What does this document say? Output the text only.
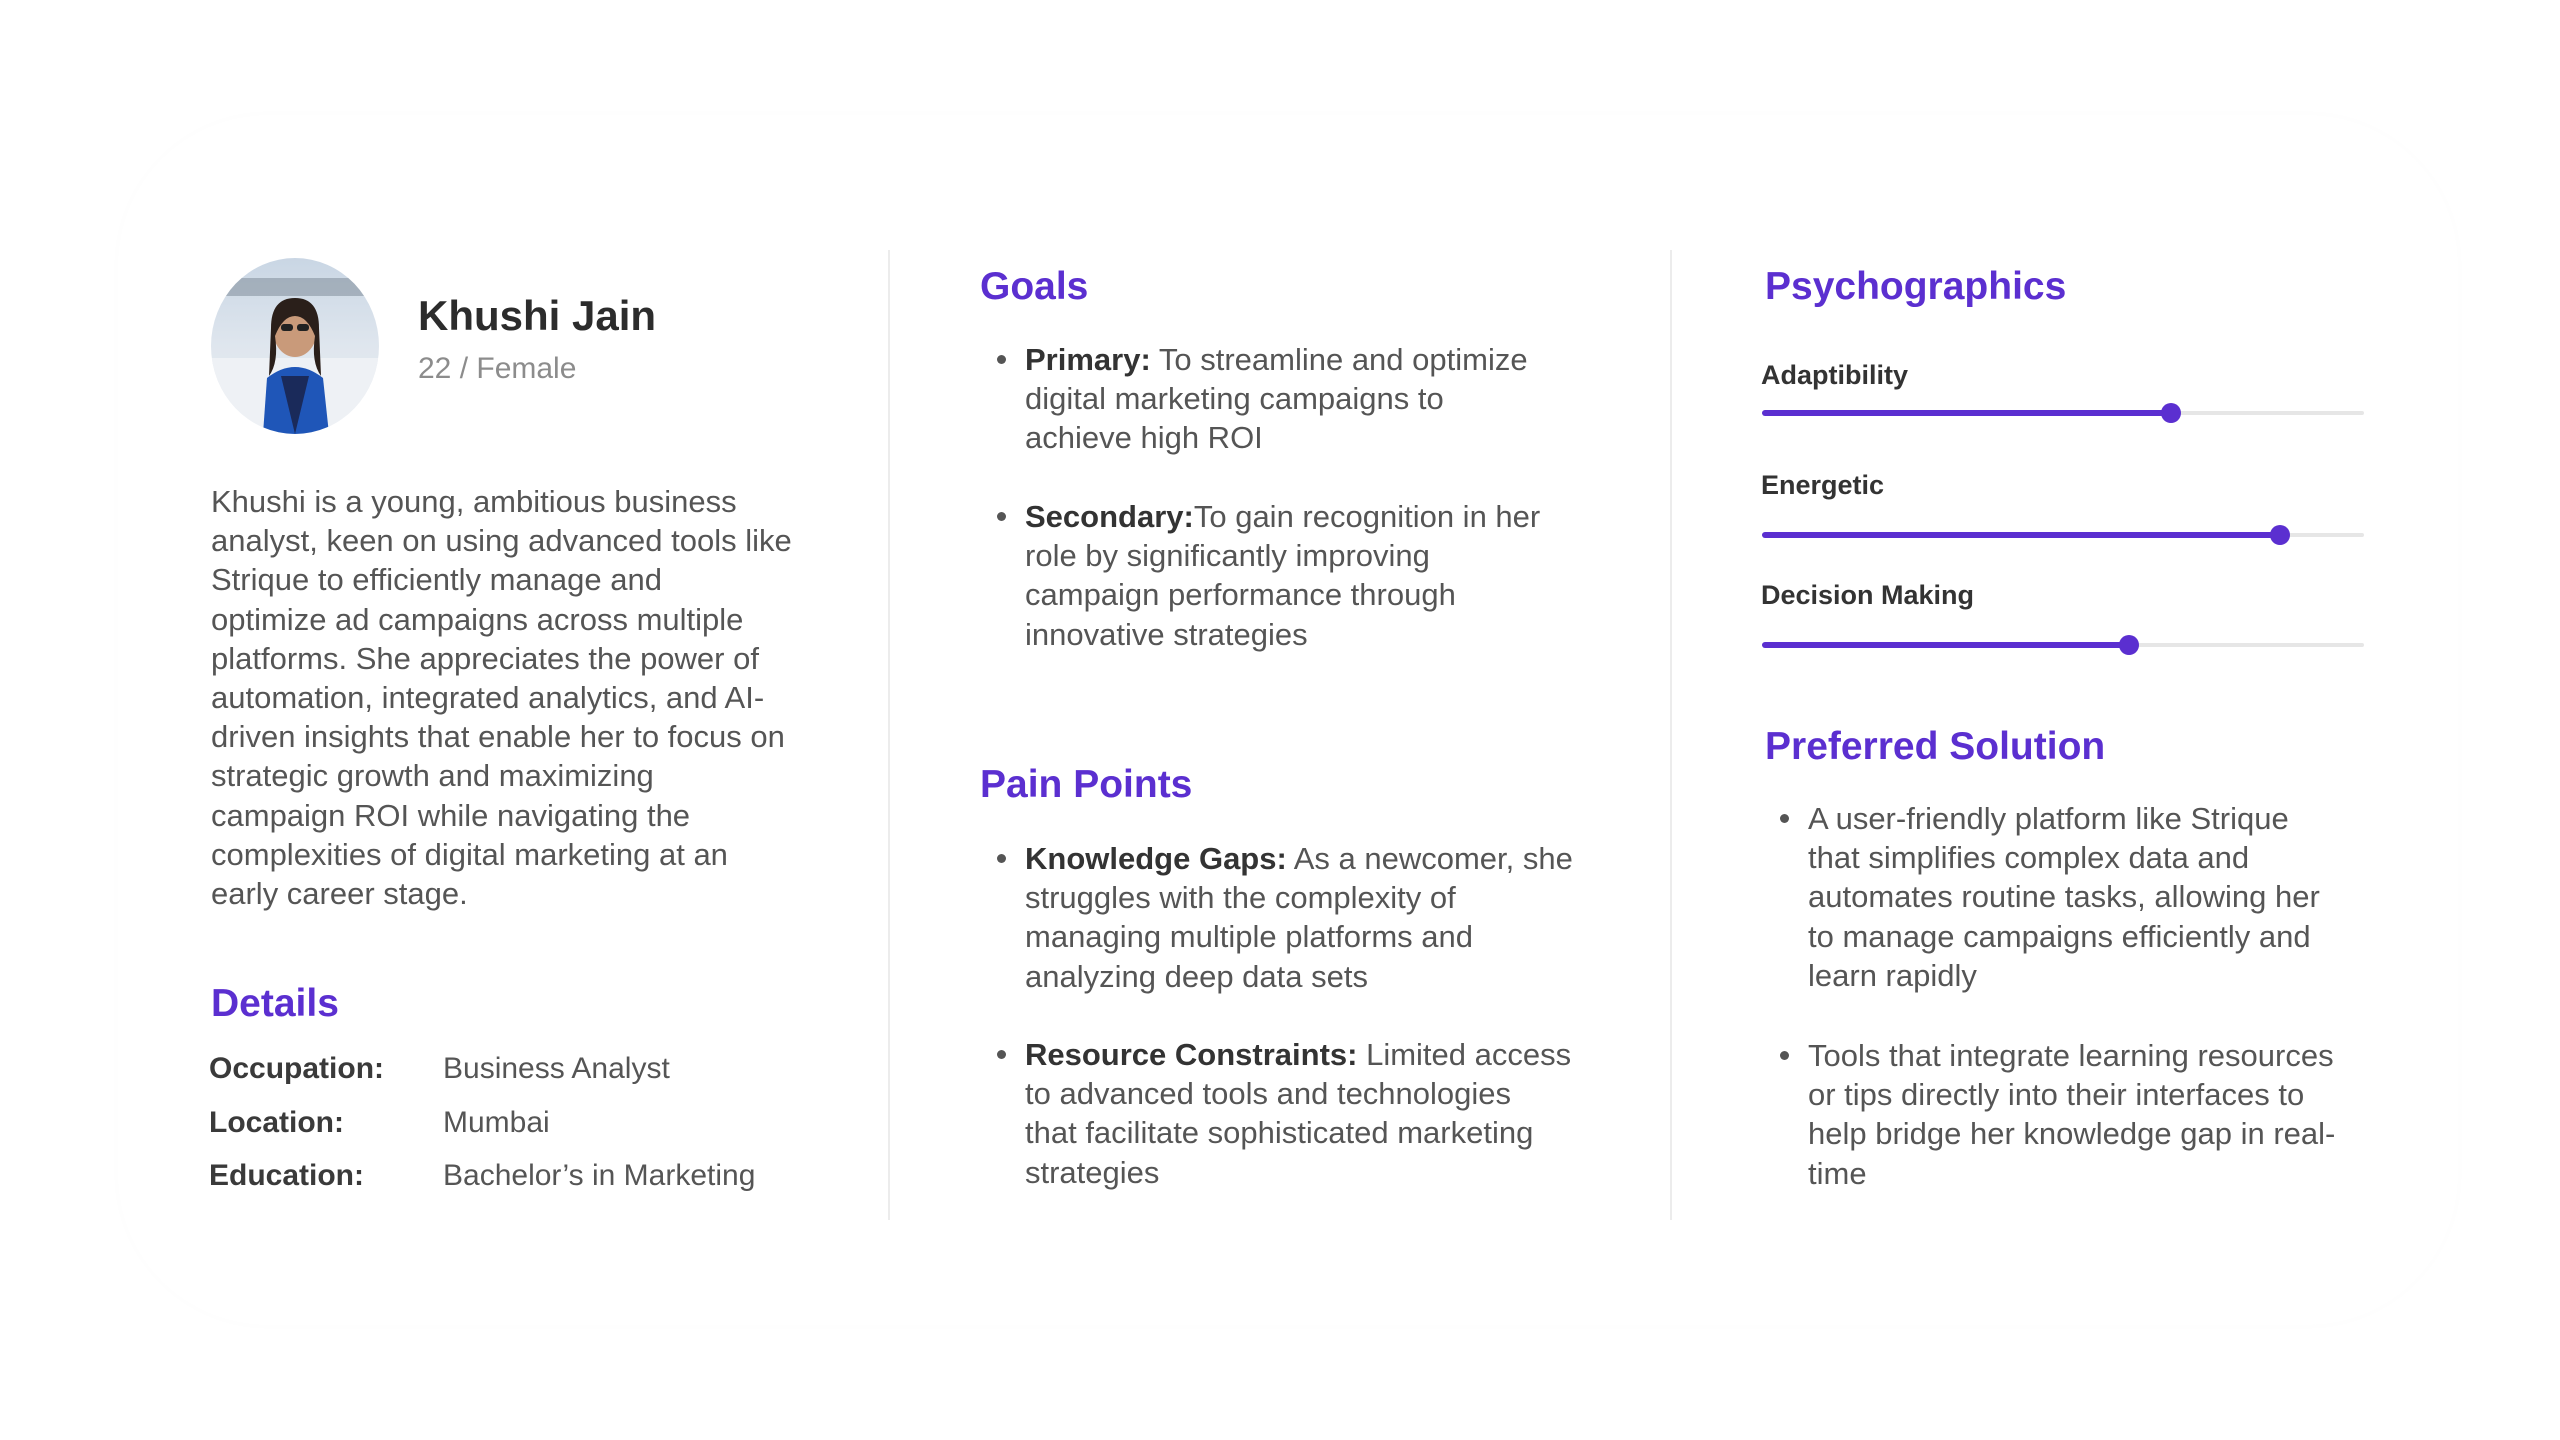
Khushi Jain
22 / Female
Khushi is a young, ambitious business
analyst, keen on using advanced tools like
Strique to efficiently manage and
optimize ad campaigns across multiple
platforms. She appreciates the power of
automation, integrated analytics, and AI-
driven insights that enable her to focus on
strategic growth and maximizing
campaign ROI while navigating the
complexities of digital marketing at an
early career stage.
Details
Occupation: Business Analyst
Location:	Mumbai
Education:	Bachelor’s in Marketing
Goals
Primary: To streamline and optimize
digital marketing campaigns to
achieve high ROI
Secondary:To gain recognition in her
role by significantly improving
campaign performance through
innovative strategies
Pain Points
Knowledge Gaps: As a newcomer, she
struggles with the complexity of
managing multiple platforms and
analyzing deep data sets
Resource Constraints: Limited access
to advanced tools and technologies
that facilitate sophisticated marketing
strategies
Psychographics
Adaptibility
Energetic
Decision Making
Preferred Solution
A user-friendly platform like Strique
that simplifies complex data and
automates routine tasks, allowing her
to manage campaigns efficiently and
learn rapidly
Tools that integrate learning resources
or tips directly into their interfaces to
help bridge her knowledge gap in real-
time
